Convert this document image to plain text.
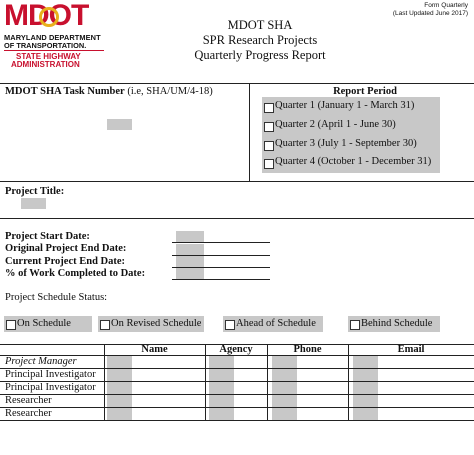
MDOT
MARYLAND DEPARTMENT
OF TRANSPORTATION.
STATE HIGHWAY
ADMINISTRATION
Form Quarterly
(Last Updated June 2017)
MDOT SHA
SPR Research Projects
Quarterly Progress Report
MDOT SHA Task Number (i.e, SHA/UM/4-18)	Report Period
Quarter 1 (January 1 - March 31)
Quarter 2 (April 1 - June 30)
Quarter 3 (July 1 - September 30)
Quarter 4 (October 1 - December 31)
Project Title:
Project Start Date:
Original Project End Date:
Current Project End Date:
% of Work Completed to Date:
Project Schedule Status:
On Schedule	On Revised Schedule	Ahead of Schedule	Behind Schedule
Name	Agency	Phone	Email
Project Manager
Principal Investigator
Principal Investigator
Researcher
Researcher
